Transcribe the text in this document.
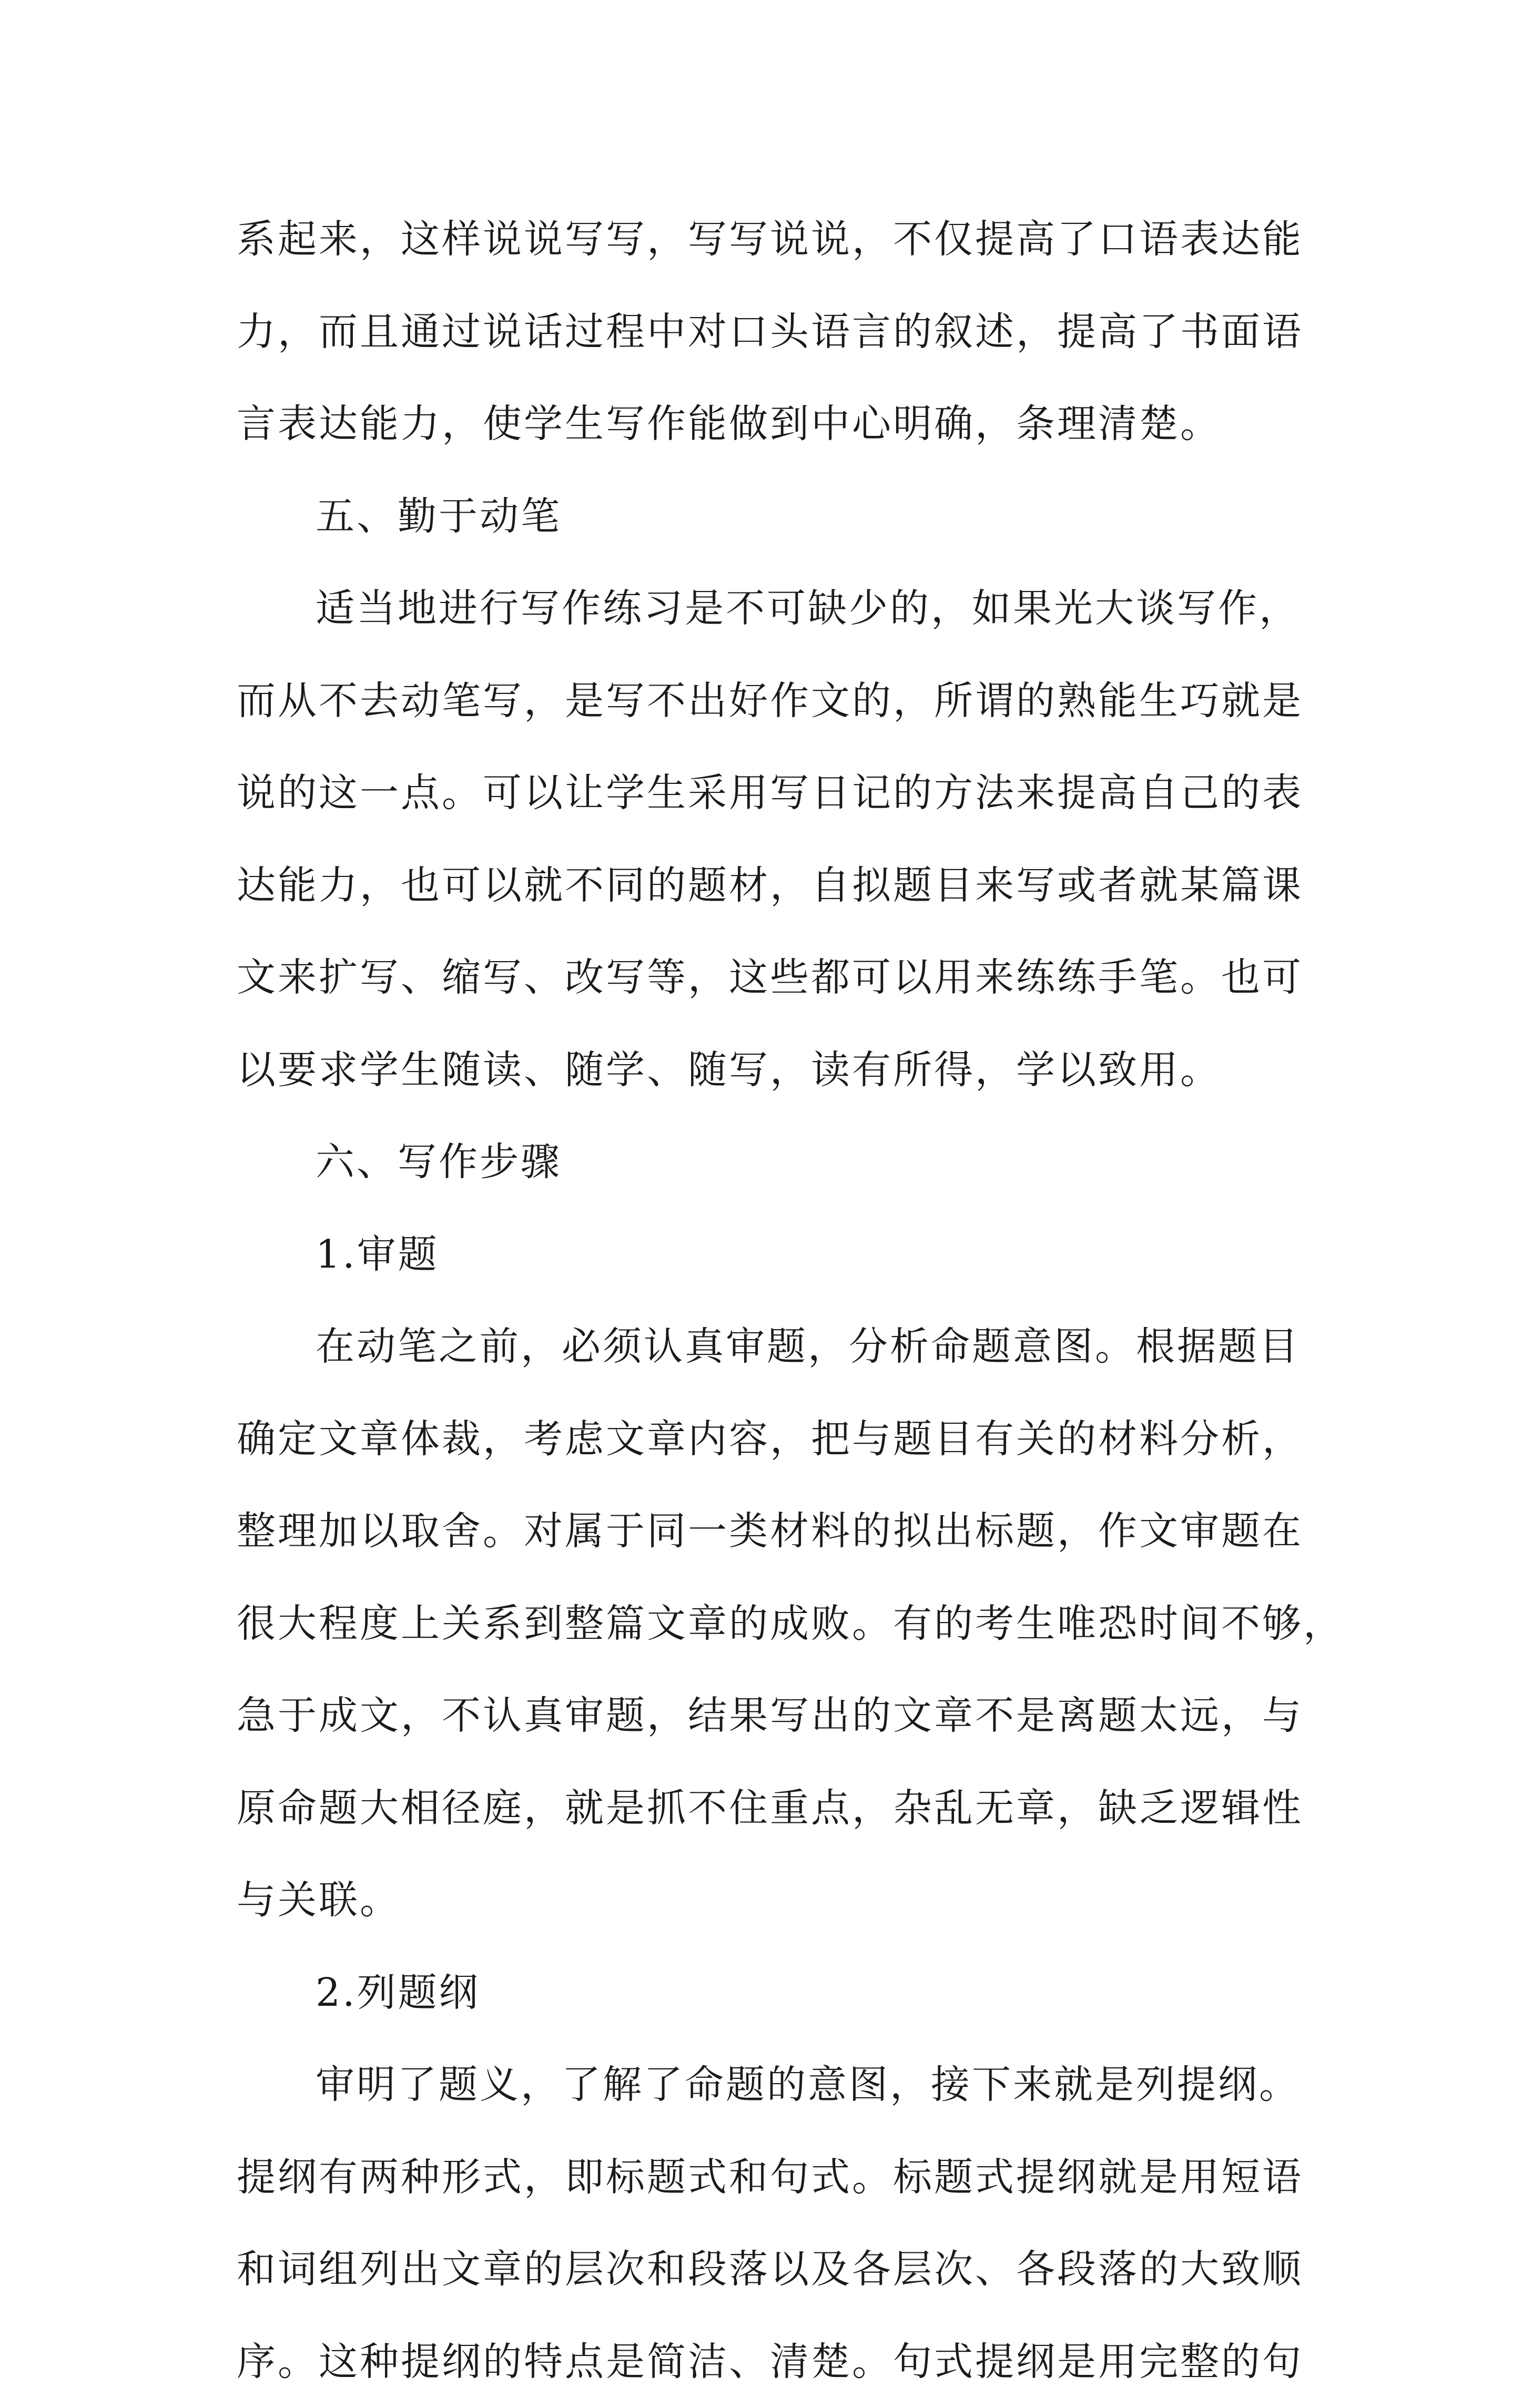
系起来，这样说说写写，写写说说，不仅提高了口语表达能
力，而且通过说话过程中对口头语言的叙述，提高了书面语
言表达能力，使学生写作能做到中心明确，条理清楚。
五、勤于动笔
适当地进行写作练习是不可缺少的，如果光大谈写作，
而从不去动笔写，是写不出好作文的，所谓的熟能生巧就是
说的这一点。可以让学生采用写日记的方法来提高自己的表
达能力，也可以就不同的题材，自拟题目来写或者就某篇课
文来扩写、缩写、改写等，这些都可以用来练练手笔。也可
以要求学生随读、随学、随写，读有所得，学以致用。
六、写作步骤
1.审题
在动笔之前，必须认真审题，分析命题意图。根据题目
确定文章体裁，考虑文章内容，把与题目有关的材料分析，
整理加以取舍。对属于同一类材料的拟出标题，作文审题在
很大程度上关系到整篇文章的成败。有的考生唯恐时间不够，
急于成文，不认真审题，结果写出的文章不是离题太远，与
原命题大相径庭，就是抓不住重点，杂乱无章，缺乏逻辑性
与关联。
2.列题纲
审明了题义，了解了命题的意图，接下来就是列提纲。
提纲有两种形式，即标题式和句式。标题式提纲就是用短语
和词组列出文章的层次和段落以及各层次、各段落的大致顺
序。这种提纲的特点是简洁、清楚。句式提纲是用完整的句
